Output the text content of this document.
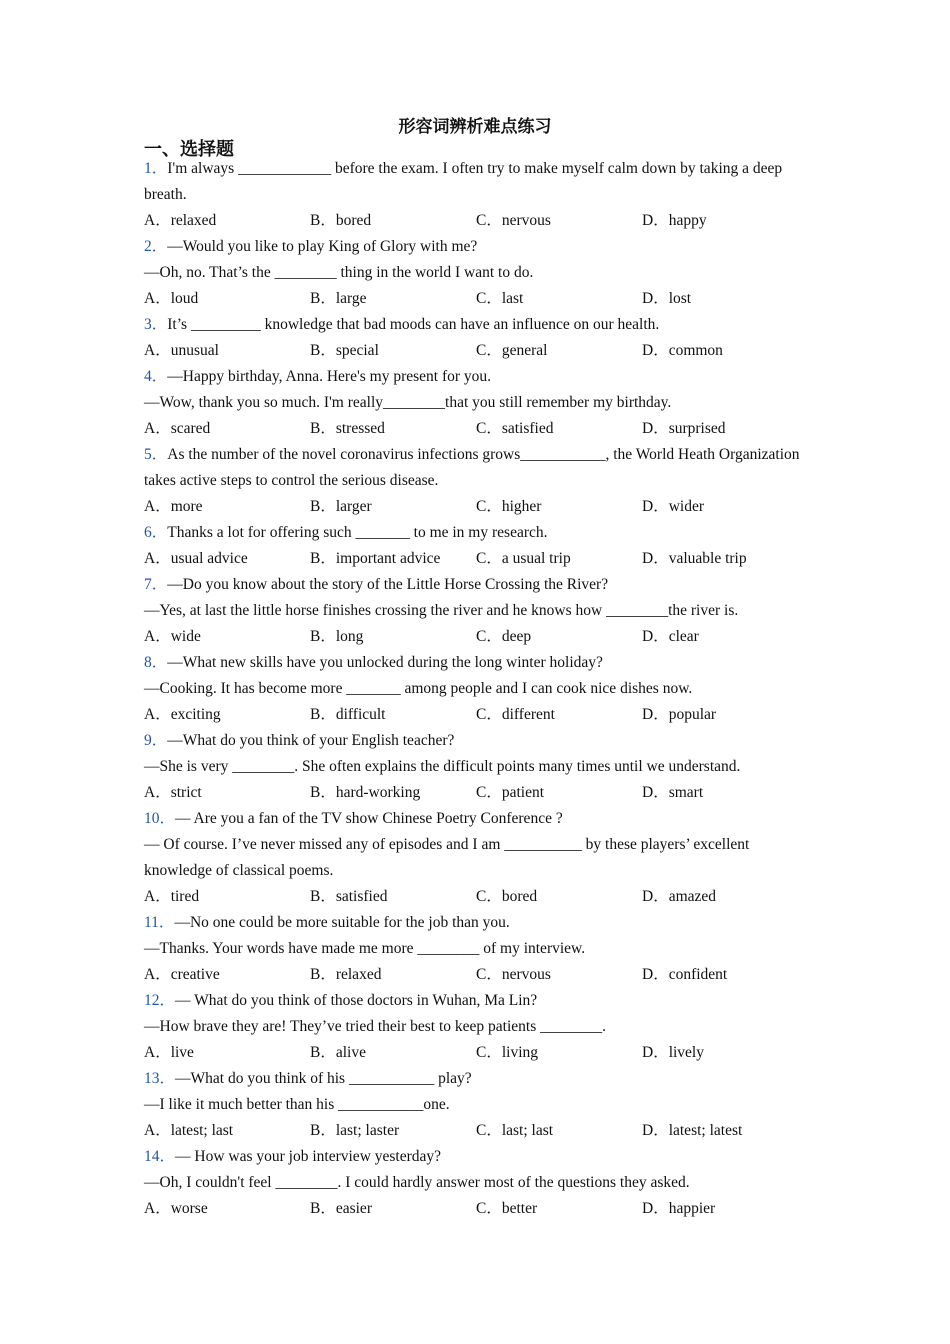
形容词辨析难点练习
一、选择题
1．I'm always ____________ before the exam. I often try to make myself calm down by taking a deep breath.
A．relaxed	B．bored	C．nervous	D．happy
2．—Would you like to play King of Glory with me?
—Oh, no. That’s the ________ thing in the world I want to do.
A．loud	B．large	C．last	D．lost
3．It’s _________ knowledge that bad moods can have an influence on our health.
A．unusual	B．special	C．general	D．common
4．—Happy birthday, Anna. Here's my present for you.
—Wow, thank you so much. I'm really________that you still remember my birthday.
A．scared	B．stressed	C．satisfied	D．surprised
5．As the number of the novel coronavirus infections grows___________, the World Heath Organization takes active steps to control the serious disease.
A．more	B．larger	C．higher	D．wider
6．Thanks a lot for offering such _______ to me in my research.
A．usual advice	B．important advice	C．a usual trip	D．valuable trip
7．—Do you know about the story of the Little Horse Crossing the River?
—Yes, at last the little horse finishes crossing the river and he knows how ________the river is.
A．wide	B．long	C．deep	D．clear
8．—What new skills have you unlocked during the long winter holiday?
—Cooking. It has become more _______ among people and I can cook nice dishes now.
A．exciting	B．difficult	C．different	D．popular
9．—What do you think of your English teacher?
—She is very ________. She often explains the difficult points many times until we understand.
A．strict	B．hard-working	C．patient	D．smart
10．— Are you a fan of the TV show Chinese Poetry Conference ?
— Of course. I’ve never missed any of episodes and I am __________ by these players’ excellent knowledge of classical poems.
A．tired	B．satisfied	C．bored	D．amazed
11．—No one could be more suitable for the job than you.
—Thanks. Your words have made me more ________ of my interview.
A．creative	B．relaxed	C．nervous	D．confident
12．— What do you think of those doctors in Wuhan, Ma Lin?
—How brave they are! They’ve tried their best to keep patients ________.
A．live	B．alive	C．living	D．lively
13．—What do you think of his ___________ play?
—I like it much better than his ___________one.
A．latest; last	B．last; laster	C．last; last	D．latest; latest
14．— How was your job interview yesterday?
—Oh, I couldn't feel ________. I could hardly answer most of the questions they asked.
A．worse	B．easier	C．better	D．happier
